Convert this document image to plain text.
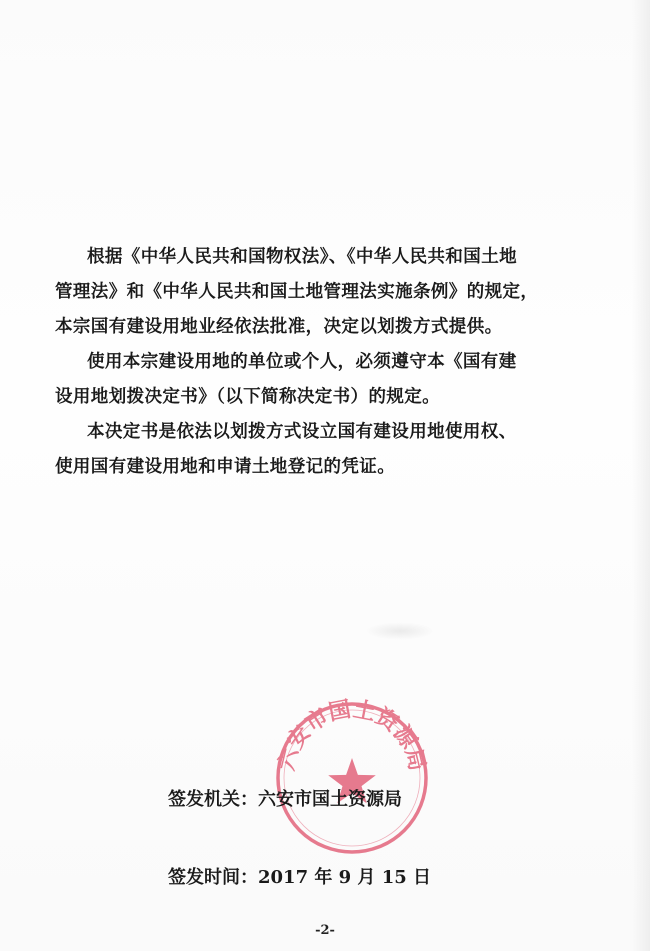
根据《中华人民共和国物权法》、《中华人民共和国土地
管理法》和《中华人民共和国土地管理法实施条例》的规定，
本宗国有建设用地业经依法批准，决定以划拨方式提供。
使用本宗建设用地的单位或个人，必须遵守本《国有建
设用地划拨决定书》（以下简称决定书）的规定。
本决定书是依法以划拨方式设立国有建设用地使用权、
使用国有建设用地和申请土地登记的凭证。
六安市国土资源局
签发机关：六安市国土资源局
签发时间：2017 年 9 月 15 日
-2-
